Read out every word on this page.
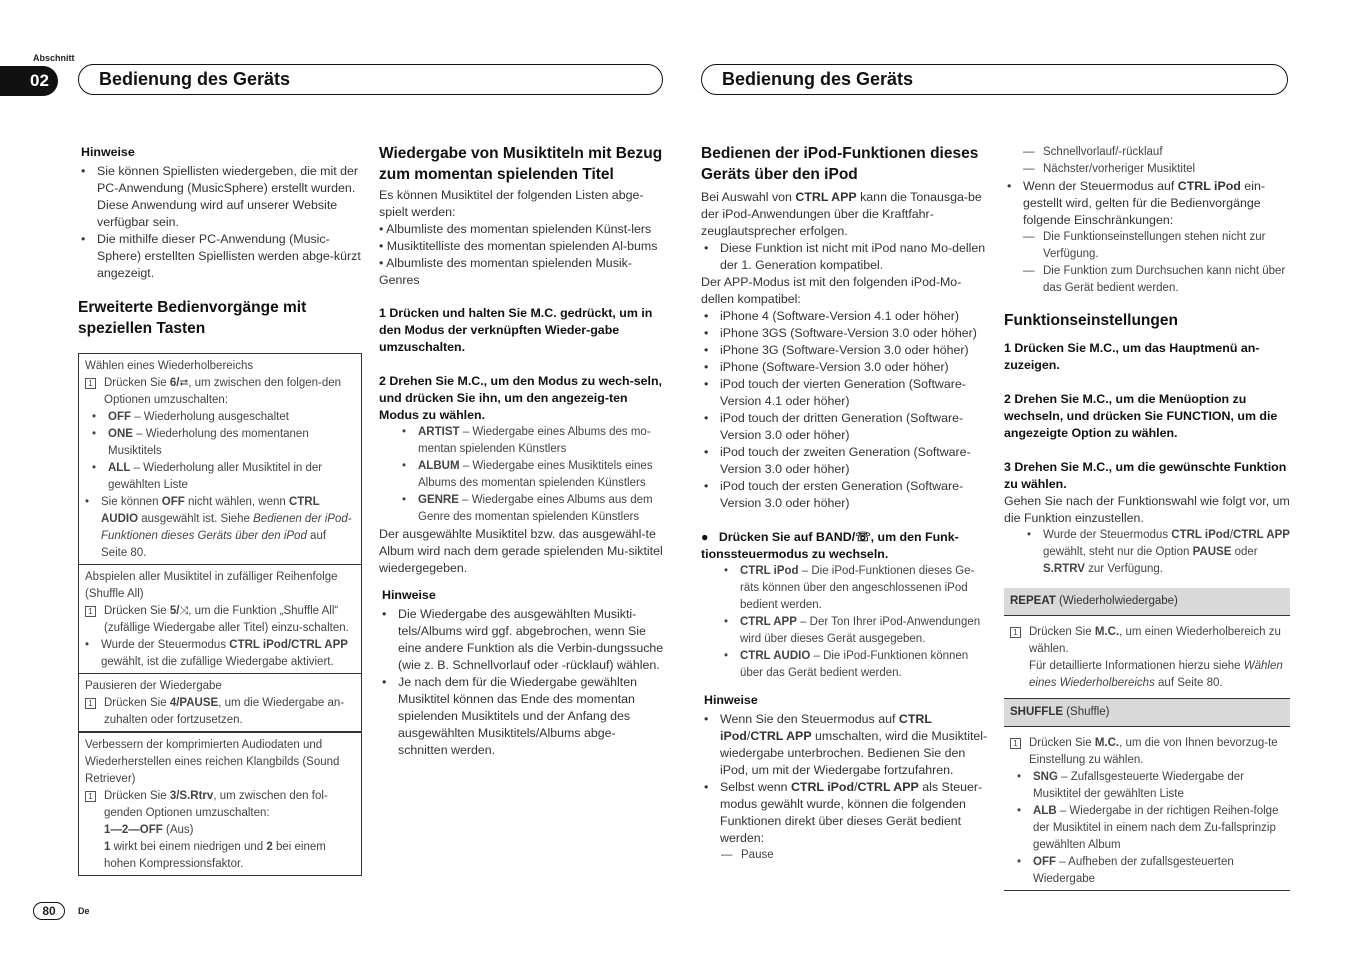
Abschnitt
02	Bedienung des Geräts	Bedienung des Geräts
Hinweise
• Sie können Spiellisten wiedergeben, die mit der PC-Anwendung (MusicSphere) erstellt wurden. Diese Anwendung wird auf unserer Website verfügbar sein.
• Die mithilfe dieser PC-Anwendung (Music-Sphere) erstellten Spiellisten werden abge-kürzt angezeigt.
Erweiterte Bedienvorgänge mit speziellen Tasten

Wählen eines Wiederholbereichs

1 Drücken Sie 6/⮂, um zwischen den folgen-den Optionen umzuschalten:
• OFF – Wiederholung ausgeschaltet
• ONE – Wiederholung des momentanen Musiktitels
• ALL – Wiederholung aller Musiktitel in der gewählten Liste
• Sie können OFF nicht wählen, wenn CTRL AUDIO ausgewählt ist. Siehe Bedienen der iPod-Funktionen dieses Geräts über den iPod auf Seite 80.

Abspielen aller Musiktitel in zufälliger Reihenfolge (Shuffle All)

1 Drücken Sie 5/⤨, um die Funktion „Shuffle All“ (zufällige Wiedergabe aller Titel) einzu-schalten.
• Wurde der Steuermodus CTRL iPod/CTRL APP gewählt, ist die zufällige Wiedergabe aktiviert.

Pausieren der Wiedergabe

1 Drücken Sie 4/PAUSE, um die Wiedergabe an-zuhalten oder fortzusetzen.

Verbessern der komprimierten Audiodaten und Wiederherstellen eines reichen Klangbilds (Sound Retriever)

1 Drücken Sie 3/S.Rtrv, um zwischen den fol-genden Optionen umzuschalten:

1—2—OFF (Aus)

1 wirkt bei einem niedrigen und 2 bei einem hohen Kompressionsfaktor.

Wiedergabe von Musiktiteln mit Bezug zum momentan spielenden Titel

Es können Musiktitel der folgenden Listen abge-spielt werden:

• Albumliste des momentan spielenden Künst-lers

• Musiktitelliste des momentan spielenden Al-bums

• Albumliste des momentan spielenden Musik-Genres

1 Drücken und halten Sie M.C. gedrückt, um in den Modus der verknüpften Wieder-gabe umzuschalten.

2 Drehen Sie M.C., um den Modus zu wech-seln, und drücken Sie ihn, um den angezeig-ten Modus zu wählen.

• ARTIST – Wiedergabe eines Albums des mo-mentan spielenden Künstlers
• ALBUM – Wiedergabe eines Musiktitels eines Albums des momentan spielenden Künstlers
• GENRE – Wiedergabe eines Albums aus dem Genre des momentan spielenden Künstlers

Der ausgewählte Musiktitel bzw. das ausgewähl-te Album wird nach dem gerade spielenden Mu-siktitel wiedergegeben.

Hinweise
• Die Wiedergabe des ausgewählten Musikti-tels/Albums wird ggf. abgebrochen, wenn Sie eine andere Funktion als die Verbin-dungssuche (wie z. B. Schnellvorlauf oder -rücklauf) wählen.
• Je nach dem für die Wiedergabe gewählten Musiktitel können das Ende des momentan spielenden Musiktitels und der Anfang des ausgewählten Musiktitels/Albums abge-schnitten werden.
Bedienen der iPod-Funktionen dieses Geräts über den iPod

Bei Auswahl von CTRL APP kann die Tonausga-be der iPod-Anwendungen über die Kraftfahr-zeuglautsprecher erfolgen.

• Diese Funktion ist nicht mit iPod nano Mo-dellen der 1. Generation kompatibel.

Der APP-Modus ist mit den folgenden iPod-Mo-dellen kompatibel:

• iPhone 4 (Software-Version 4.1 oder höher)
• iPhone 3GS (Software-Version 3.0 oder höher)
• iPhone 3G (Software-Version 3.0 oder höher)
• iPhone (Software-Version 3.0 oder höher)
• iPod touch der vierten Generation (Software-Version 4.1 oder höher)
• iPod touch der dritten Generation (Software-Version 3.0 oder höher)
• iPod touch der zweiten Generation (Software-Version 3.0 oder höher)
• iPod touch der ersten Generation (Software-Version 3.0 oder höher)

● Drücken Sie auf BAND/☏, um den Funk-tionssteuermodus zu wechseln.

• CTRL iPod – Die iPod-Funktionen dieses Ge-räts können über den angeschlossenen iPod bedient werden.
• CTRL APP – Der Ton Ihrer iPod-Anwendungen wird über dieses Gerät ausgegeben.
• CTRL AUDIO – Die iPod-Funktionen können über das Gerät bedient werden.
Hinweise
• Wenn Sie den Steuermodus auf CTRL iPod/CTRL APP umschalten, wird die Musiktitel-wiedergabe unterbrochen. Bedienen Sie den iPod, um mit der Wiedergabe fortzufahren.
• Selbst wenn CTRL iPod/CTRL APP als Steuer-modus gewählt wurde, können die folgenden Funktionen direkt über dieses Gerät bedient werden:
— Pause
— Schnellvorlauf/-rücklauf
— Nächster/vorheriger Musiktitel
• Wenn der Steuermodus auf CTRL iPod ein-gestellt wird, gelten für die Bedienvorgänge folgende Einschränkungen:
— Die Funktionseinstellungen stehen nicht zur Verfügung.
— Die Funktion zum Durchsuchen kann nicht über das Gerät bedient werden.
Funktionseinstellungen

1 Drücken Sie M.C., um das Hauptmenü an-zuzeigen.

2 Drehen Sie M.C., um die Menüoption zu wechseln, und drücken Sie FUNCTION, um die angezeigte Option zu wählen.

3 Drehen Sie M.C., um die gewünschte Funktion zu wählen.

Gehen Sie nach der Funktionswahl wie folgt vor, um die Funktion einzustellen.

• Wurde der Steuermodus CTRL iPod/CTRL APP gewählt, steht nur die Option PAUSE oder S.RTRV zur Verfügung.
REPEAT (Wiederholwiedergabe)
1 Drücken Sie M.C., um einen Wiederholbereich zu wählen.

Für detaillierte Informationen hierzu siehe Wählen eines Wiederholbereichs auf Seite 80.

SHUFFLE (Shuffle)
1 Drücken Sie M.C., um die von Ihnen bevorzug-te Einstellung zu wählen.
• SNG – Zufallsgesteuerte Wiedergabe der Musiktitel der gewählten Liste
• ALB – Wiedergabe in der richtigen Reihen-folge der Musiktitel in einem nach dem Zu-fallsprinzip gewählten Album
• OFF – Aufheben der zufallsgesteuerten Wiedergabe
80	De
